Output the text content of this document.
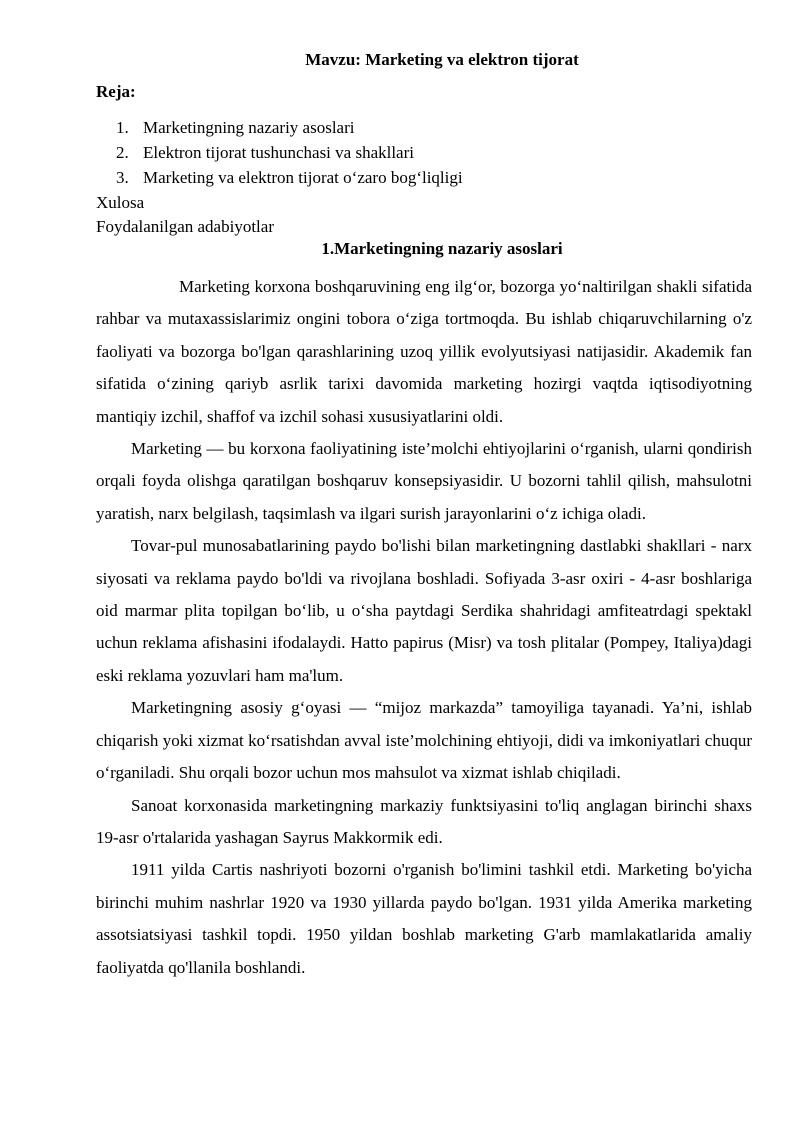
Mavzu: Marketing va elektron tijorat
Reja:
1. Marketingning nazariy asoslari
2. Elektron tijorat tushunchasi va shakllari
3. Marketing va elektron tijorat o‘zaro bog‘liqligi
Xulosa
Foydalanilgan adabiyotlar
1.Marketingning nazariy asoslari

Marketing korxona boshqaruvining eng ilg‘or, bozorga yo‘naltirilgan shakli sifatida rahbar va mutaxassislarimiz ongini tobora o‘ziga tortmoqda. Bu ishlab chiqaruvchilarning o'z faoliyati va bozorga bo'lgan qarashlarining uzoq yillik evolyutsiyasi natijasidir. Akademik fan sifatida o‘zining qariyb asrlik tarixi davomida marketing hozirgi vaqtda iqtisodiyotning mantiqiy izchil, shaffof va izchil sohasi xususiyatlarini oldi.

Marketing — bu korxona faoliyatining iste’molchi ehtiyojlarini o‘rganish, ularni qondirish orqali foyda olishga qaratilgan boshqaruv konsepsiyasidir. U bozorni tahlil qilish, mahsulotni yaratish, narx belgilash, taqsimlash va ilgari surish jarayonlarini o‘z ichiga oladi.

Tovar-pul munosabatlarining paydo bo'lishi bilan marketingning dastlabki shakllari - narx siyosati va reklama paydo bo'ldi va rivojlana boshladi. Sofiyada 3-asr oxiri - 4-asr boshlariga oid marmar plita topilgan bo‘lib, u o‘sha paytdagi Serdika shahridagi amfiteatrdagi spektakl uchun reklama afishasini ifodalaydi. Hatto papirus (Misr) va tosh plitalar (Pompey, Italiya)dagi eski reklama yozuvlari ham ma'lum.

Marketingning asosiy g‘oyasi — “mijoz markazda” tamoyiliga tayanadi. Ya’ni, ishlab chiqarish yoki xizmat ko‘rsatishdan avval iste’molchining ehtiyoji, didi va imkoniyatlari chuqur o‘rganiladi. Shu orqali bozor uchun mos mahsulot va xizmat ishlab chiqiladi.

Sanoat korxonasida marketingning markaziy funktsiyasini to'liq anglagan birinchi shaxs 19-asr o'rtalarida yashagan Sayrus Makkormik edi.

1911 yilda Cartis nashriyoti bozorni o'rganish bo'limini tashkil etdi. Marketing bo'yicha birinchi muhim nashrlar 1920 va 1930 yillarda paydo bo'lgan. 1931 yilda Amerika marketing assotsiatsiyasi tashkil topdi. 1950 yildan boshlab marketing G'arb mamlakatlarida amaliy faoliyatda qo'llanila boshlandi.
